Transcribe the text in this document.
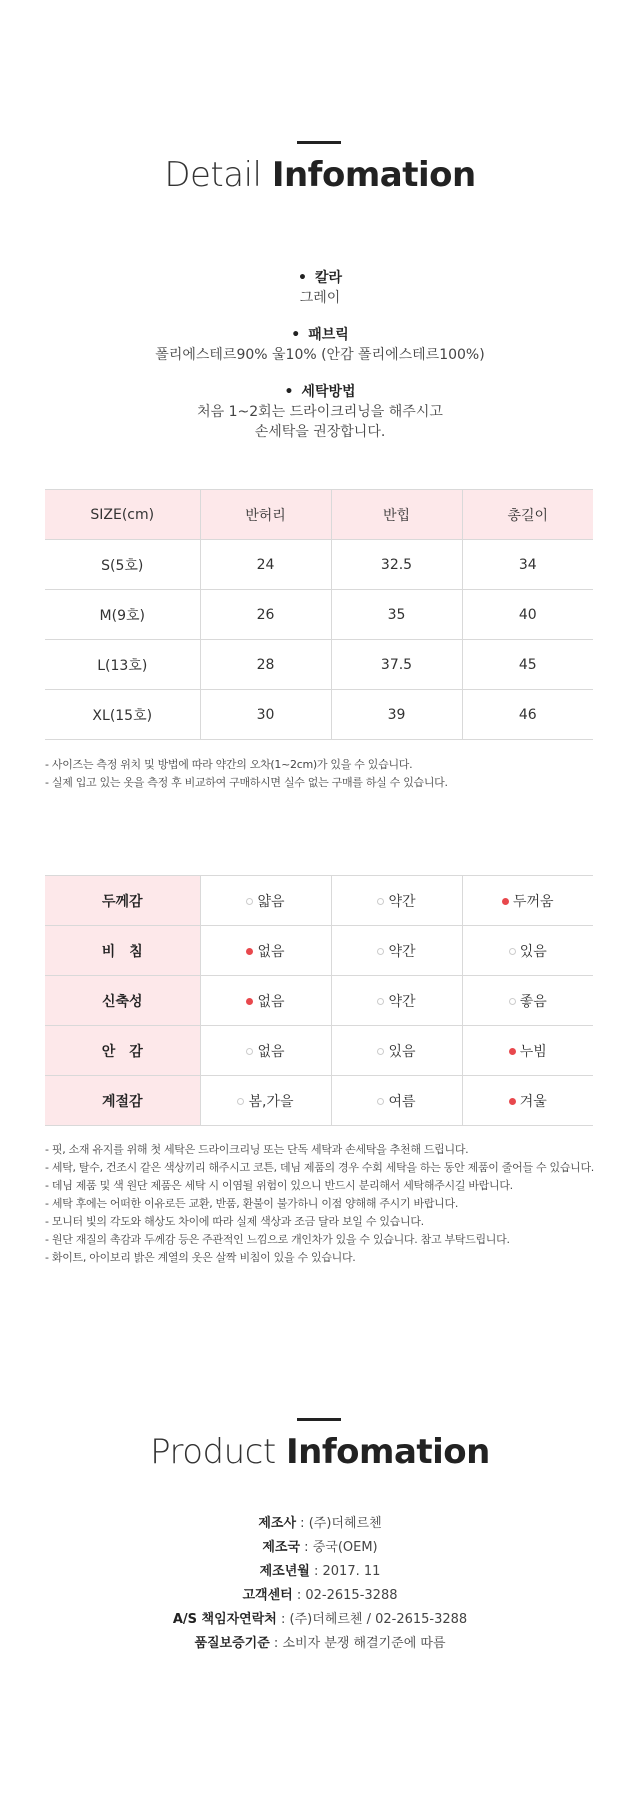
Detail Infomation
• 칼라
그레이
• 패브릭
폴리에스테르90% 울10% (안감 폴리에스테르100%)
• 세탁방법
처음 1~2회는 드라이크리닝을 해주시고
손세탁을 권장합니다.
SIZE(cm)	반허리	반힙	총길이
S(5호)	24	32.5	34
M(9호)	26	35	40
L(13호)	28	37.5	45
XL(15호)	30	39	46
- 사이즈는 측정 위치 및 방법에 따라 약간의 오차(1~2cm)가 있을 수 있습니다.
- 실제 입고 있는 옷을 측정 후 비교하여 구매하시면 실수 없는 구매를 하실 수 있습니다.
두께감	얇음	약간	두꺼움
비　침	없음	약간	있음
신축성	없음	약간	좋음
안　감	없음	있음	누빔
계절감	봄,가을	여름	겨울
- 핏, 소재 유지를 위해 첫 세탁은 드라이크리닝 또는 단독 세탁과 손세탁을 추천해 드립니다.
- 세탁, 탈수, 건조시 같은 색상끼리 해주시고 코튼, 데님 제품의 경우 수회 세탁을 하는 동안 제품이 줄어들 수 있습니다.
- 데님 제품 및 색 원단 제품은 세탁 시 이염될 위험이 있으니 반드시 분리해서 세탁해주시길 바랍니다.
- 세탁 후에는 어떠한 이유로든 교환, 반품, 환불이 불가하니 이점 양해해 주시기 바랍니다.
- 모니터 빛의 각도와 해상도 차이에 따라 실제 색상과 조금 달라 보일 수 있습니다.
- 원단 재질의 촉감과 두께감 등은 주관적인 느낌으로 개인차가 있을 수 있습니다. 참고 부탁드립니다.
- 화이트, 아이보리 밝은 계열의 옷은 살짝 비침이 있을 수 있습니다.
Product Infomation
제조사 : (주)더헤르첸
제조국 : 중국(OEM)
제조년월 : 2017. 11
고객센터 : 02-2615-3288
A/S 책임자연락처 : (주)더헤르첸 / 02-2615-3288
품질보증기준 : 소비자 분쟁 해결기준에 따름
